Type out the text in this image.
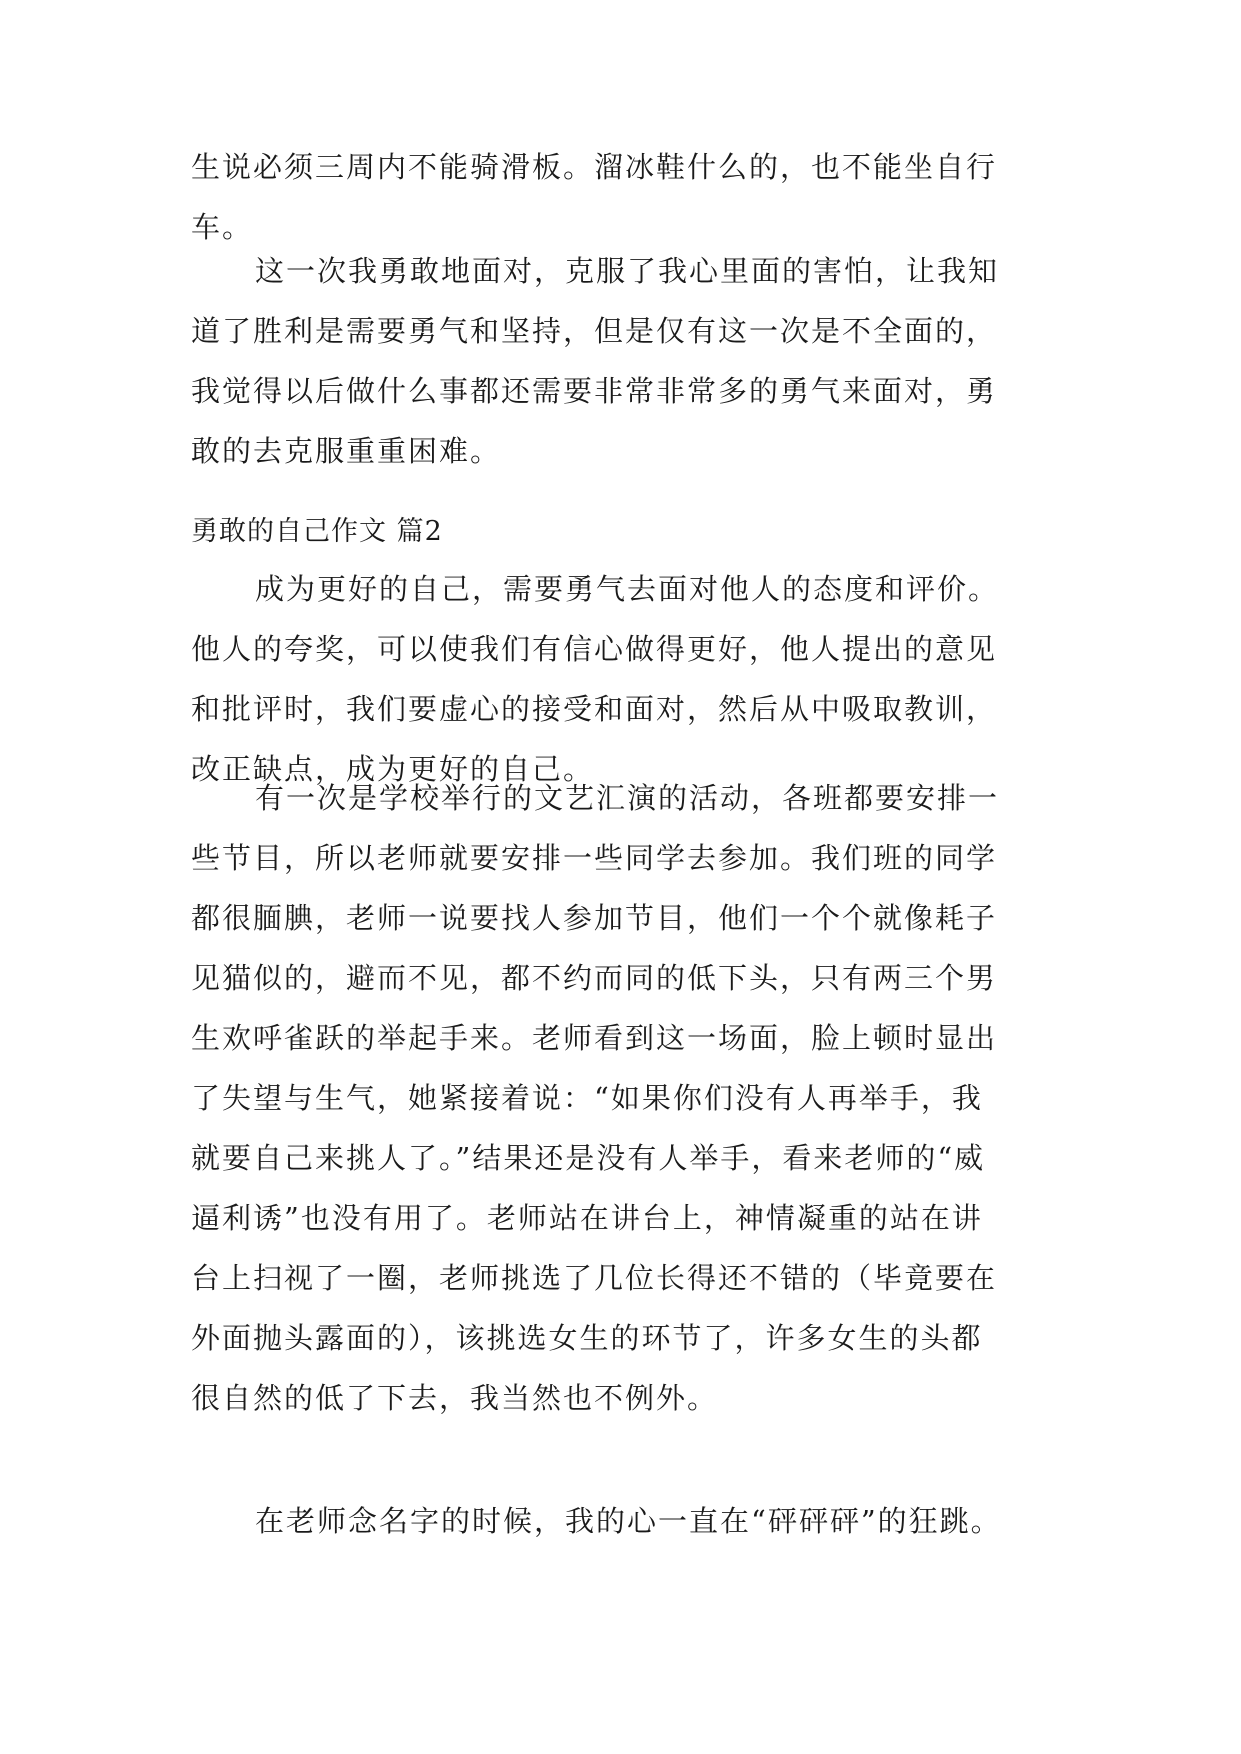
生说必须三周内不能骑滑板。溜冰鞋什么的，也不能坐自行
车。
这一次我勇敢地面对，克服了我心里面的害怕，让我知
道了胜利是需要勇气和坚持，但是仅有这一次是不全面的，
我觉得以后做什么事都还需要非常非常多的勇气来面对，勇
敢的去克服重重困难。
勇敢的自己作文 篇2
成为更好的自己，需要勇气去面对他人的态度和评价。
他人的夸奖，可以使我们有信心做得更好，他人提出的意见
和批评时，我们要虚心的接受和面对，然后从中吸取教训，
改正缺点，成为更好的自己。
有一次是学校举行的文艺汇演的活动，各班都要安排一
些节目，所以老师就要安排一些同学去参加。我们班的同学
都很腼腆，老师一说要找人参加节目，他们一个个就像耗子
见猫似的，避而不见，都不约而同的低下头，只有两三个男
生欢呼雀跃的举起手来。老师看到这一场面，脸上顿时显出
了失望与生气，她紧接着说：“如果你们没有人再举手，我
就要自己来挑人了。”结果还是没有人举手，看来老师的“威
逼利诱”也没有用了。老师站在讲台上，神情凝重的站在讲
台上扫视了一圈，老师挑选了几位长得还不错的（毕竟要在
外面抛头露面的），该挑选女生的环节了，许多女生的头都
很自然的低了下去，我当然也不例外。
在老师念名字的时候，我的心一直在“砰砰砰”的狂跳。
